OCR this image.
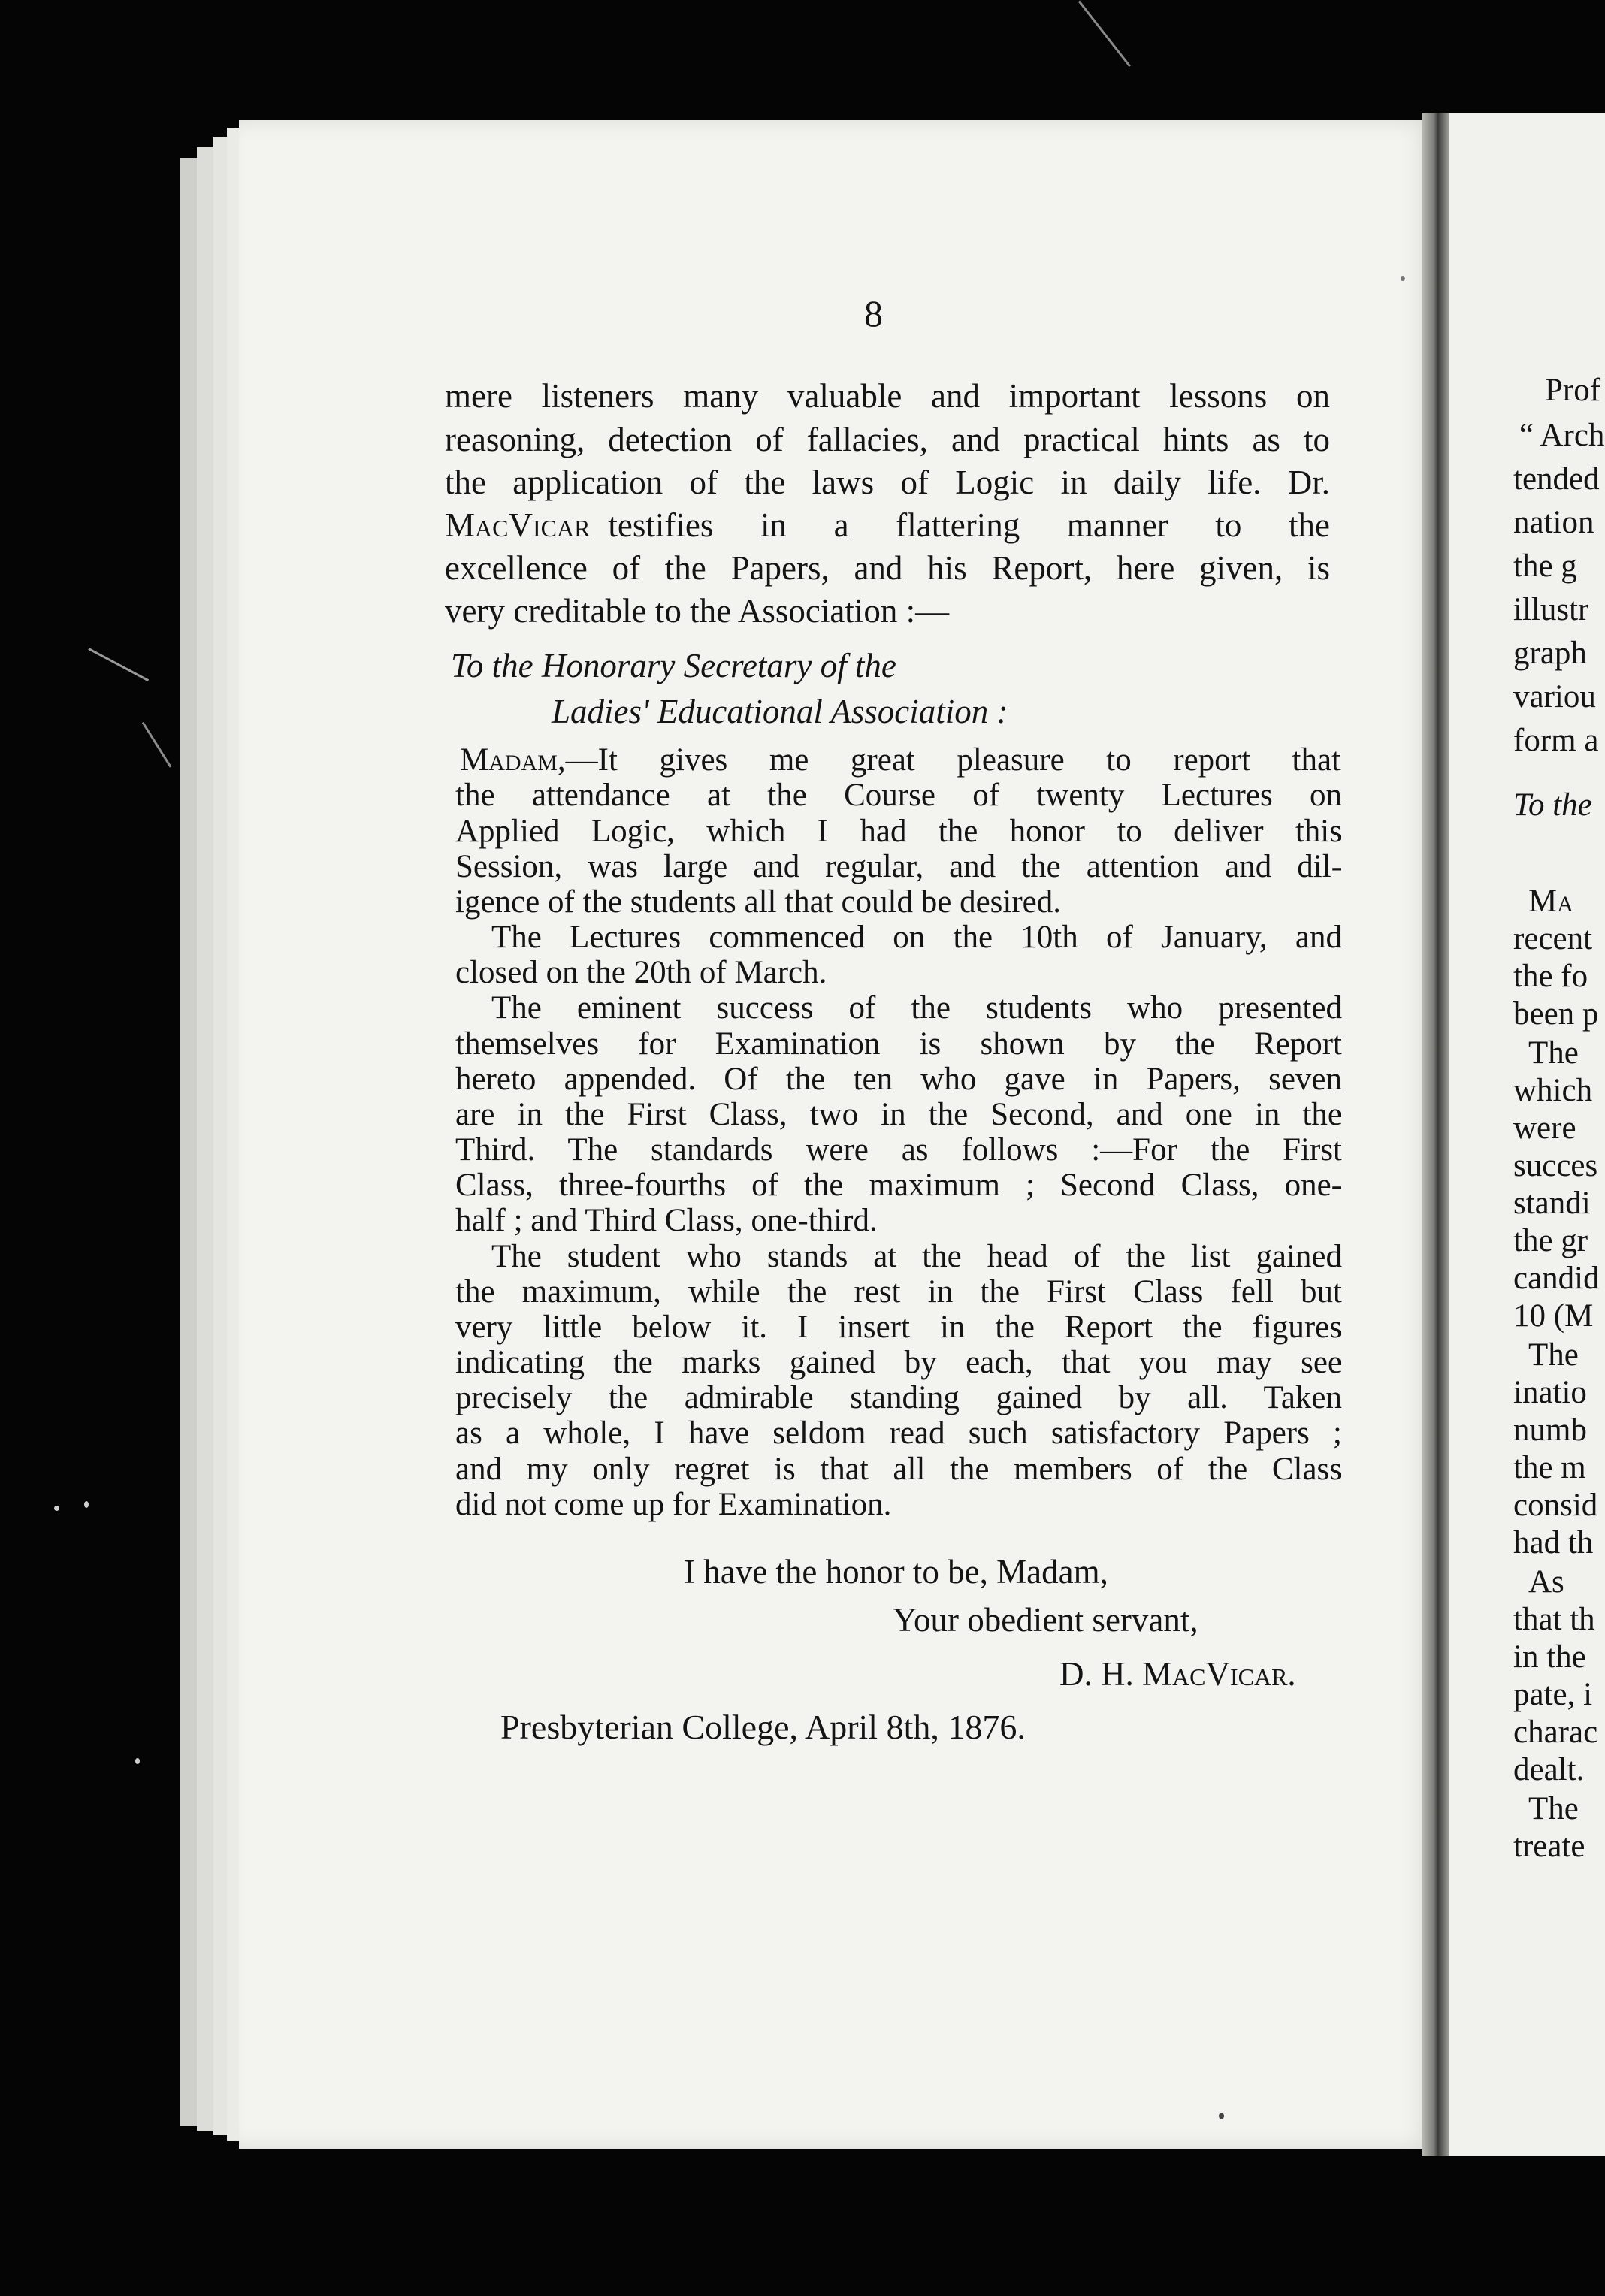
8
mere listeners many valuable and important lessons on
reasoning, detection of fallacies, and practical hints as to
the application of the laws of Logic in daily life. Dr.
MacVicar testifies in a flattering manner to the
excellence of the Papers, and his Report, here given, is
very creditable to the Association :—
To the Honorary Secretary of the
Ladies' Educational Association :
Madam, —It gives me great pleasure to report that
the attendance at the Course of twenty Lectures on
Applied Logic, which I had the honor to deliver this
Session, was large and regular, and the attention and dil-
igence of the students all that could be desired.
The Lectures commenced on the 10th of January, and
closed on the 20th of March.
The eminent success of the students who presented
themselves for Examination is shown by the Report
hereto appended. Of the ten who gave in Papers, seven
are in the First Class, two in the Second, and one in the
Third. The standards were as follows :—For the First
Class, three-fourths of the maximum ; Second Class, one-
half ; and Third Class, one-third.
The student who stands at the head of the list gained
the maximum, while the rest in the First Class fell but
very little below it. I insert in the Report the figures
indicating the marks gained by each, that you may see
precisely the admirable standing gained by all. Taken
as a whole, I have seldom read such satisfactory Papers ;
and my only regret is that all the members of the Class
did not come up for Examination.
I have the honor to be, Madam,
Your obedient servant,
D. H. MacVicar.
Presbyterian College, April 8th, 1876.
Prof
“ Arch
tended
nation
the g
illustr
graph
variou
form a
To the
Ma
recent
the fo
been p
The
which
were
succes
standi
the gr
candid
10 (M
The
inatio
numb
the m
consid
had th
As
that th
in the
pate, i
charac
dealt.
The
treate
